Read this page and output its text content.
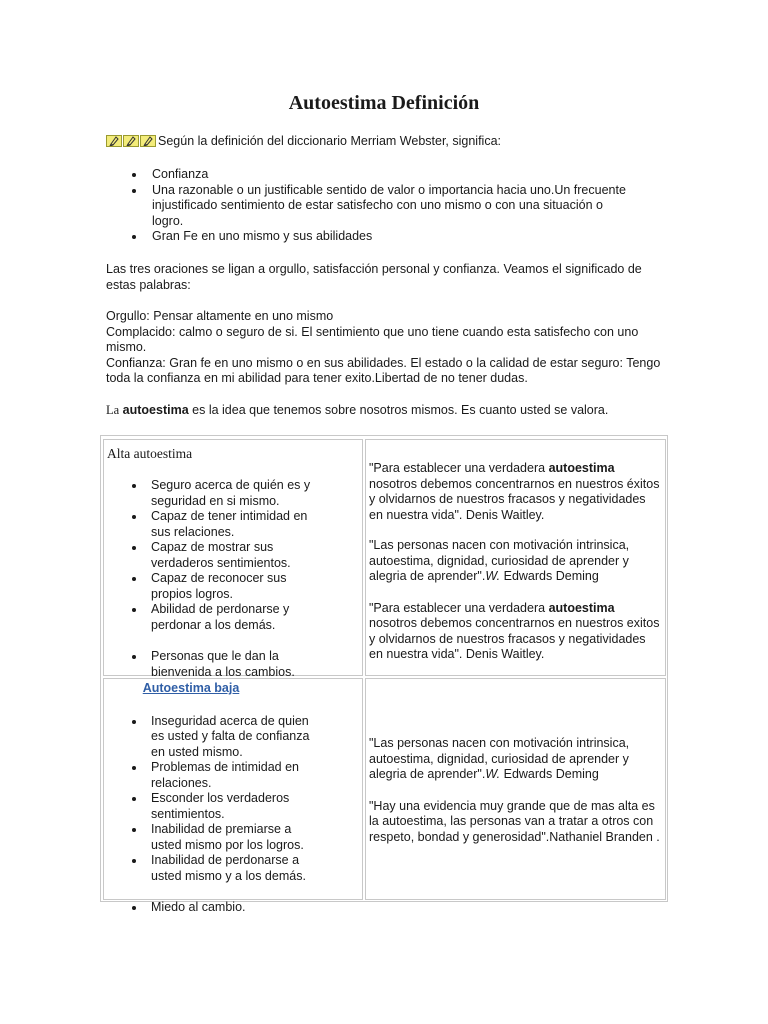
Autoestima Definición
Según la definición del diccionario Merriam Webster, significa:
Confianza
Una razonable o un justificable sentido de valor o importancia hacia uno.Un frecuente injustificado sentimiento de estar satisfecho con uno mismo o con una situación o logro.
Gran Fe en uno mismo y sus abilidades
Las tres oraciones se ligan a orgullo, satisfacción personal y confianza. Veamos el significado de estas palabras:
Orgullo: Pensar altamente en uno mismo
Complacido: calmo o seguro de si. El sentimiento que uno tiene cuando esta satisfecho con uno mismo.
Confianza: Gran fe en uno mismo o en sus abilidades. El estado o la calidad de estar seguro: Tengo toda la confianza en mi abilidad para tener exito.Libertad de no tener dudas.
La autoestima es la idea que tenemos sobre nosotros mismos. Es cuanto usted se valora.
Alta autoestima
Seguro acerca de quién es y seguridad en si mismo.
Capaz de tener intimidad en sus relaciones.
Capaz de mostrar sus verdaderos sentimientos.
Capaz de reconocer sus propios logros.
Abilidad de perdonarse y perdonar a los demás.
Personas que le dan la bienvenida a los cambios.
"Para establecer una verdadera autoestima nosotros debemos concentrarnos en nuestros éxitos y olvidarnos de nuestros fracasos y negatividades en nuestra vida". Denis Waitley.
"Las personas nacen con motivación intrinsica, autoestima, dignidad, curiosidad de aprender y alegria de aprender".W. Edwards Deming
"Para establecer una verdadera autoestima nosotros debemos concentrarnos en nuestros exitos y olvidarnos de nuestros fracasos y negatividades en nuestra vida". Denis Waitley.
Autoestima baja
Inseguridad acerca de quien es usted y falta de confianza en usted mismo.
Problemas de intimidad en relaciones.
Esconder los verdaderos sentimientos.
Inabilidad de premiarse a usted mismo por los logros.
Inabilidad de perdonarse a usted mismo y a los demás.
Miedo al cambio.
"Las personas nacen con motivación intrinsica, autoestima, dignidad, curiosidad de aprender y alegria de aprender".W. Edwards Deming
"Hay una evidencia muy grande que de mas alta es la autoestima, las personas van a tratar a otros con respeto, bondad y generosidad".Nathaniel Branden .
